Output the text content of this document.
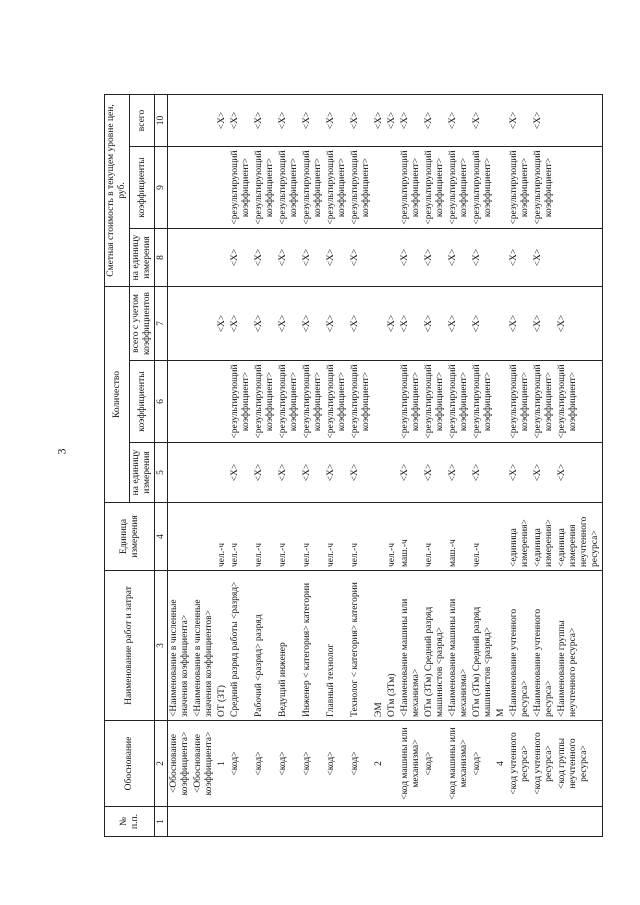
3
№ п.п.	Обоснование	Наименование работ и затрат	Единица измерения	Количество			Сметная стоимость в текущем уровне цен, руб.		
				на единицу измерения	коэффициенты	всего с учетом коэффициентов	на единицу измерения	коэффициенты	всего
1	2	3	4	5	6	7	8	9	10
	<Обоснование коэффициента>	<Наименование в численные значения коэффициента>							
	<Обоснование коэффициента>	<Наименование в численные значения коэффициентов>							
	1	ОТ (ЗТ)	чел.-ч			<X>			<X>
	<код>	Средний разряд работы <разряд>	чел.-ч	<X>	<результирующий коэффициент>	<X>	<X>	<результирующий коэффициент>	<X>
	<код>	Рабочий <разряд> разряд	чел.-ч	<X>	<результирующий коэффициент>	<X>	<X>	<результирующий коэффициент>	<X>
	<код>	Ведущий инженер	чел.-ч	<X>	<результирующий коэффициент>	<X>	<X>	<результирующий коэффициент>	<X>
	<код>	Инженер < категория> категории	чел.-ч	<X>	<результирующий коэффициент>	<X>	<X>	<результирующий коэффициент>	<X>
	<код>	Главный технолог	чел.-ч	<X>	<результирующий коэффициент>	<X>	<X>	<результирующий коэффициент>	<X>
	<код>	Технолог < категория> категории	чел.-ч	<X>	<результирующий коэффициент>	<X>	<X>	<результирующий коэффициент>	<X>
	2	ЭМ							<X>
		ОТм (ЗТм)	чел.-ч			<X>			<X>
	<код машины или механизма>	<Наименование машины или механизма>	маш.-ч	<X>	<результирующий коэффициент>	<X>	<X>	<результирующий коэффициент>	<X>
	<код>	ОТм (ЗТм) Средний разряд машинистов <разряд>	чел.-ч	<X>	<результирующий коэффициент>	<X>	<X>	<результирующий коэффициент>	<X>
	<код машины или механизма>	<Наименование машины или механизма>	маш.-ч	<X>	<результирующий коэффициент>	<X>	<X>	<результирующий коэффициент>	<X>
	<код>	ОТм (ЗТм) Средний разряд машинистов <разряд>	чел.-ч	<X>	<результирующий коэффициент>	<X>	<X>	<результирующий коэффициент>	<X>
	4	М							
	<код учтенного ресурса>	<Наименование учтенного ресурса>	<единица измерения>	<X>	<результирующий коэффициент>	<X>	<X>	<результирующий коэффициент>	<X>
	<код учтенного ресурса>	<Наименование учтенного ресурса>	<единица измерения>	<X>	<результирующий коэффициент>	<X>	<X>	<результирующий коэффициент>	<X>
	<код группы неучтенного ресурса>	<Наименование группы неучтенного ресурса>	<единица измерения неучтенного ресурса>	<X>	<результирующий коэффициент>	<X>			
